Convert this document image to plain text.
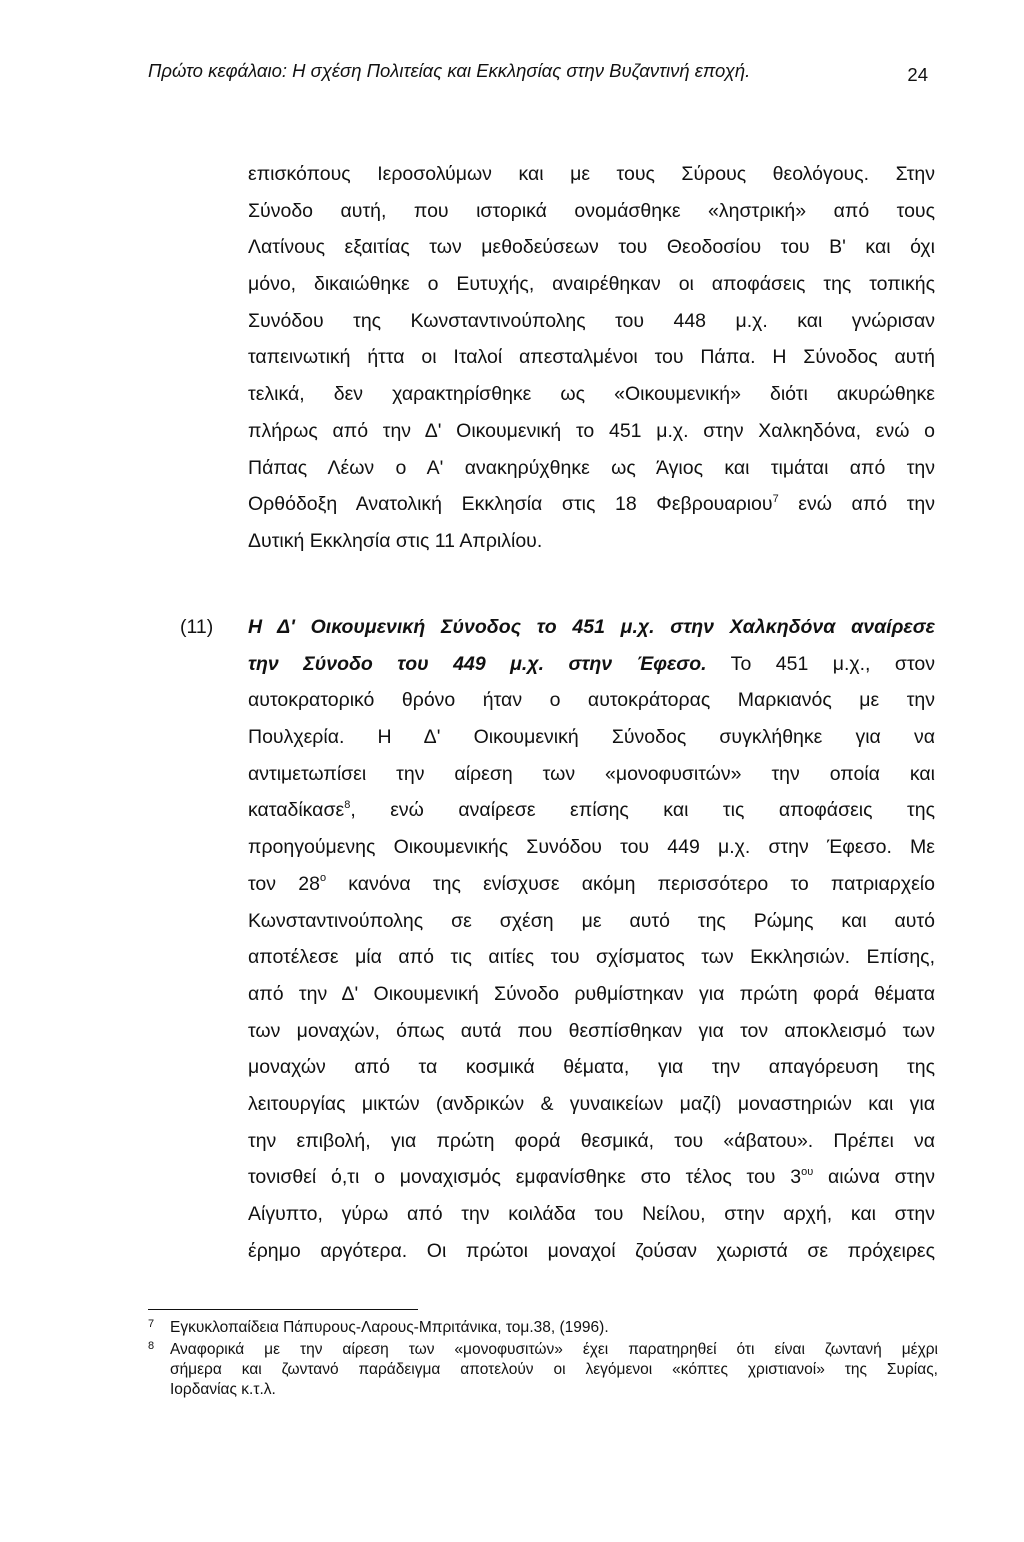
Πρώτο κεφάλαιο: Η σχέση Πολιτείας και Εκκλησίας στην Βυζαντινή εποχή.	24
επισκόπους Ιεροσολύμων και με τους Σύρους θεολόγους. Στην
Σύνοδο αυτή, που ιστορικά ονομάσθηκε «ληστρική» από τους
Λατίνους εξαιτίας των μεθοδεύσεων του Θεοδοσίου του Β' και όχι
μόνο, δικαιώθηκε ο Ευτυχής, αναιρέθηκαν οι αποφάσεις της τοπικής
Συνόδου της Κωνσταντινούπολης του 448 μ.χ. και γνώρισαν
ταπεινωτική ήττα οι Ιταλοί απεσταλμένοι του Πάπα. Η Σύνοδος αυτή
τελικά, δεν χαρακτηρίσθηκε ως «Οικουμενική» διότι ακυρώθηκε
πλήρως από την Δ' Οικουμενική το 451 μ.χ. στην Χαλκηδόνα, ενώ ο
Πάπας Λέων ο Α' ανακηρύχθηκε ως Άγιος και τιμάται από την
Ορθόδοξη Ανατολική Εκκλησία στις 18 Φεβρουαριου$^7$ ενώ από την
Δυτική Εκκλησία στις 11 Απριλίου.
(11) Η Δ' Οικουμενική Σύνοδος το 451 μ.χ. στην Χαλκηδόνα αναίρεσε
την Σύνοδο του 449 μ.χ. στην Έφεσο. Το 451 μ.χ., στον
αυτοκρατορικό θρόνο ήταν ο αυτοκράτορας Μαρκιανός με την
Πουλχερία. Η Δ' Οικουμενική Σύνοδος συγκλήθηκε για να
αντιμετωπίσει την αίρεση των «μονοφυσιτών» την οποία και
καταδίκασε$^8$, ενώ αναίρεσε επίσης και τις αποφάσεις της
προηγούμενης Οικουμενικής Συνόδου του 449 μ.χ. στην Έφεσο. Με
τον $28^o$ κανόνα της ενίσχυσε ακόμη περισσότερο το πατριαρχείο
Κωνσταντινούπολης σε σχέση με αυτό της Ρώμης και αυτό
αποτέλεσε μία από τις αιτίες του σχίσματος των Εκκλησιών. Επίσης,
από την Δ' Οικουμενική Σύνοδο ρυθμίστηκαν για πρώτη φορά θέματα
των μοναχών, όπως αυτά που θεσπίσθηκαν για τον αποκλεισμό των
μοναχών από τα κοσμικά θέματα, για την απαγόρευση της
λειτουργίας μικτών (ανδρικών & γυναικείων μαζί) μοναστηριών και για
την επιβολή, για πρώτη φορά θεσμικά, του «άβατου». Πρέπει να
τονισθεί ό,τι ο μοναχισμός εμφανίσθηκε στο τέλος του $3^{o\upsilon}$ αιώνα στην
Αίγυπτο, γύρω από την κοιλάδα του Νείλου, στην αρχή, και στην
έρημο αργότερα. Οι πρώτοι μοναχοί ζούσαν χωριστά σε πρόχειρες
7 Εγκυκλοπαίδεια Πάπυρους-Λαρους-Μπριτάνικα, τομ.38, (1996).
8 Αναφορικά με την αίρεση των «μονοφυσιτών» έχει παρατηρηθεί ότι είναι ζωντανή μέχρι
σήμερα και ζωντανό παράδειγμα αποτελούν οι λεγόμενοι «κόπτες χριστιανοί» της Συρίας,
Ιορδανίας κ.τ.λ.
